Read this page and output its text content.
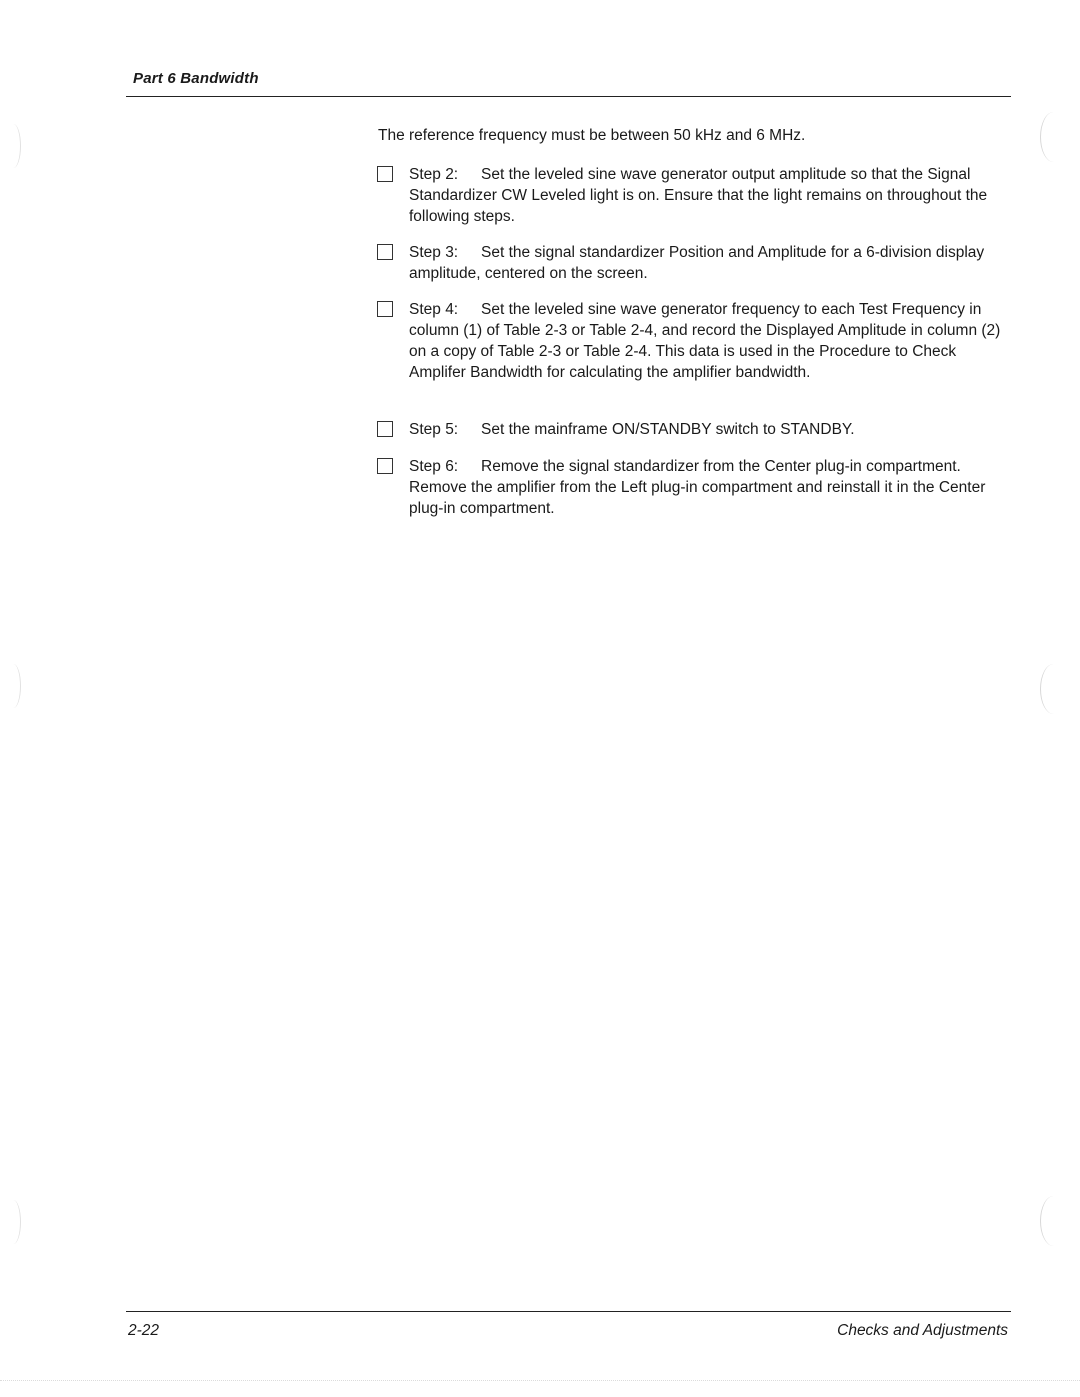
Part 6 Bandwidth

The reference frequency must be between 50 kHz and 6 MHz.

Step 2: Set the leveled sine wave generator output amplitude so that the Signal Standardizer CW Leveled light is on. Ensure that the light remains on throughout the following steps.
Step 3: Set the signal standardizer Position and Amplitude for a 6-division display amplitude, centered on the screen.
Step 4: Set the leveled sine wave generator frequency to each Test Frequency in column (1) of Table 2-3 or Table 2-4, and record the Displayed Amplitude in column (2) on a copy of Table 2-3 or Table 2-4. This data is used in the Procedure to Check Amplifer Bandwidth for calculating the amplifier bandwidth.
Step 5: Set the mainframe ON/STANDBY switch to STANDBY.
Step 6: Remove the signal standardizer from the Center plug-in compartment. Remove the amplifier from the Left plug-in compartment and reinstall it in the Center plug-in compartment.
2-22	Checks and Adjustments
